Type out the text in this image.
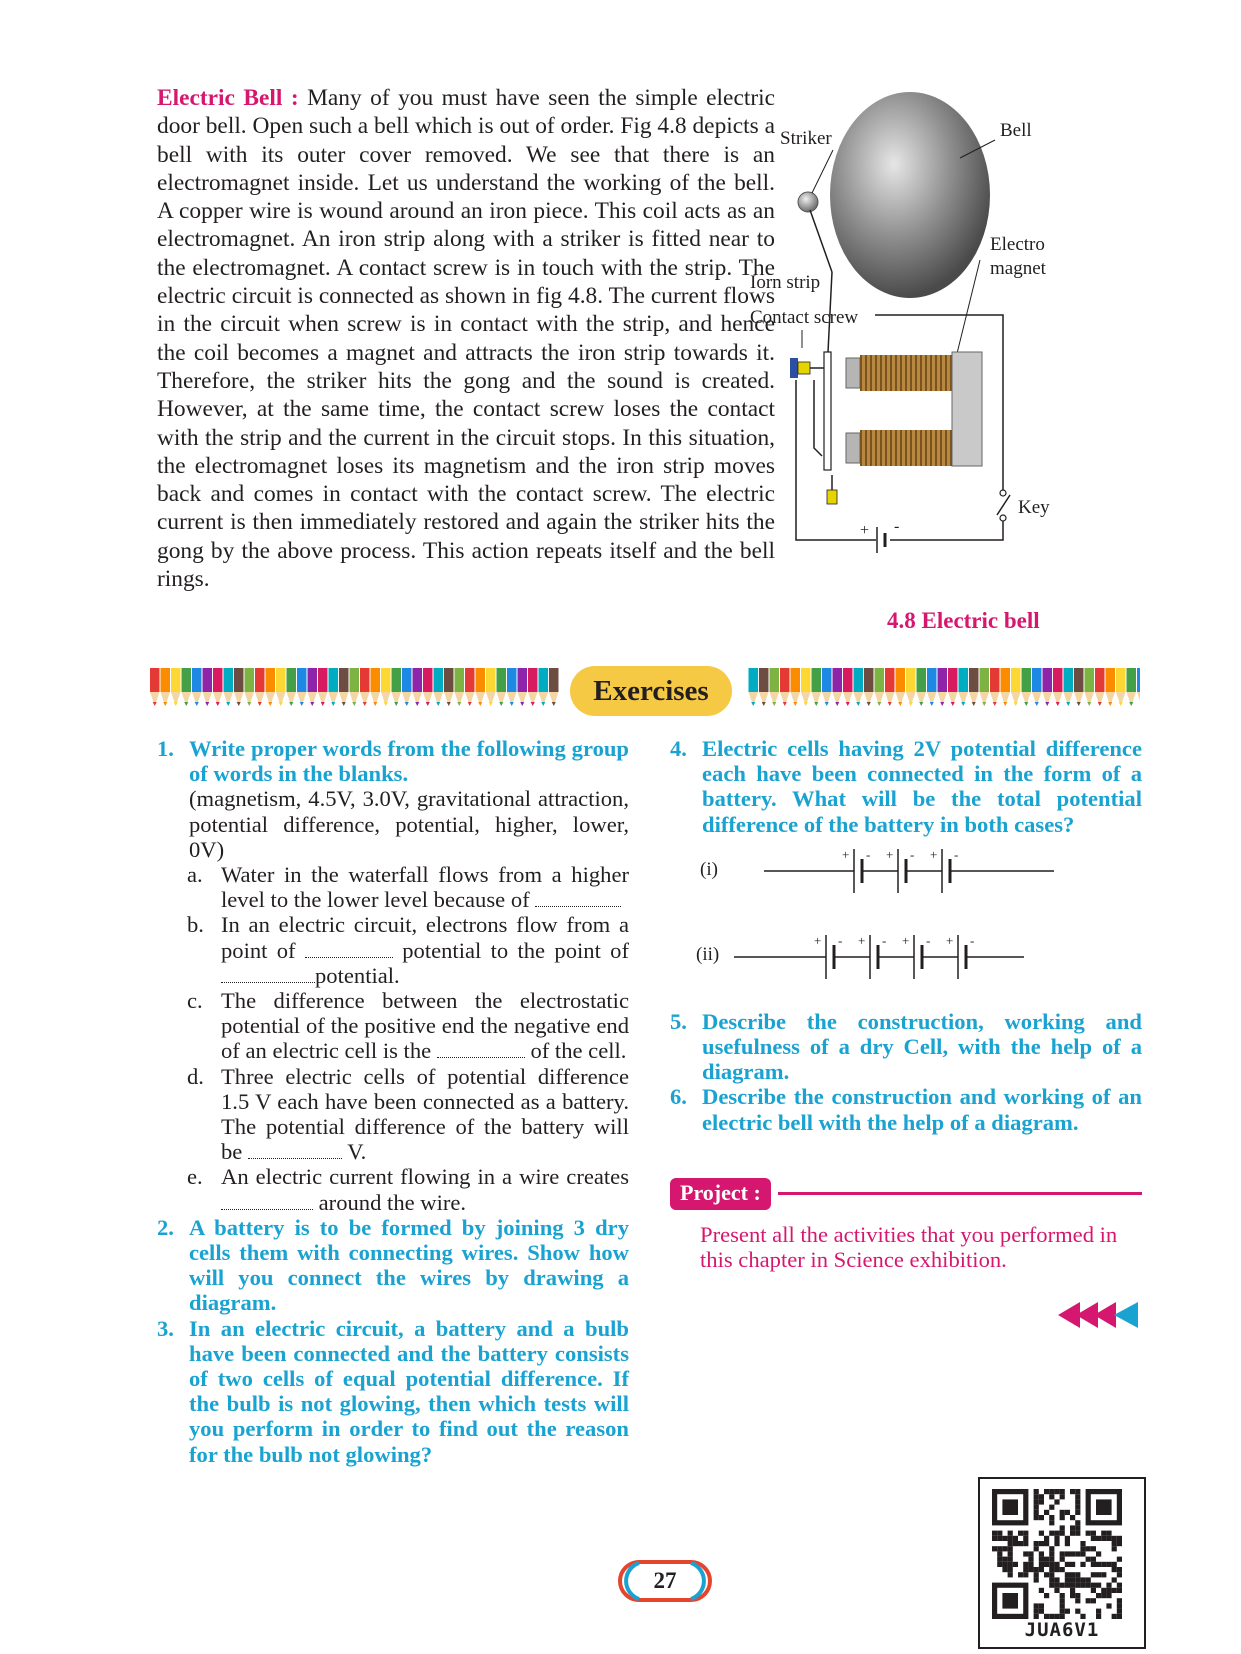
Electric Bell : Many of you must have seen the simple electric door bell. Open such a bell which is out of order. Fig 4.8 depicts a bell with its outer cover removed. We see that there is an electromagnet inside. Let us understand the working of the bell. A copper wire is wound around an iron piece. This coil acts as an electromagnet. An iron strip along with a striker is fitted near to the electromagnet. A contact screw is in touch with the strip. The electric circuit is connected as shown in fig 4.8. The current flows in the circuit when screw is in contact with the strip, and hence the coil becomes a magnet and attracts the iron strip towards it. Therefore, the striker hits the gong and the sound is created. However, at the same time, the contact screw loses the contact with the strip and the current in the circuit stops. In this situation, the electromagnet loses its magnetism and the iron strip moves back and comes in contact with the contact screw. The electric current is then immediately restored and again the striker hits the gong by the above process. This action repeats itself and the bell rings.
Striker	Bell
Electro
magnet
Iorn strip
Contact screw
Key
+ -
4.8 Electric bell
Exercises
1. Write proper words from the following group of words in the blanks.
(magnetism, 4.5V, 3.0V, gravitational attraction, potential difference, potential, higher, lower, 0V)
a. Water in the waterfall flows from a higher level to the lower level because of
b. In an electric circuit, electrons flow from a point of	potential to the point of potential.
c. The difference between the electrostatic potential of the positive end the negative end of an electric cell is the	of the cell.
d. Three electric cells of potential difference 1.5 V each have been connected as a battery. The potential difference of the battery will be	V.
e. An electric current flowing in a wire creates  around the wire.
2. A battery is to be formed by joining 3 dry cells them with connecting wires. Show how will you connect the wires by drawing a diagram.
3. In an electric circuit, a battery and a bulb have been connected and the battery consists of two cells of equal potential difference. If the bulb is not glowing, then which tests will you perform in order to find out the reason for the bulb not glowing?
4. Electric cells having 2V potential difference each have been connected in the form of a battery. What will be the total potential difference of the battery in both cases?
(i)
(ii)
+ - + - + -
+ - + - + - + -
5. Describe the construction, working and usefulness of a dry Cell, with the help of a diagram.
6. Describe the construction and working of an electric bell with the help of a diagram.
Project :
Present all the activities that you performed in this chapter in Science exhibition.
JUA6V1
27
